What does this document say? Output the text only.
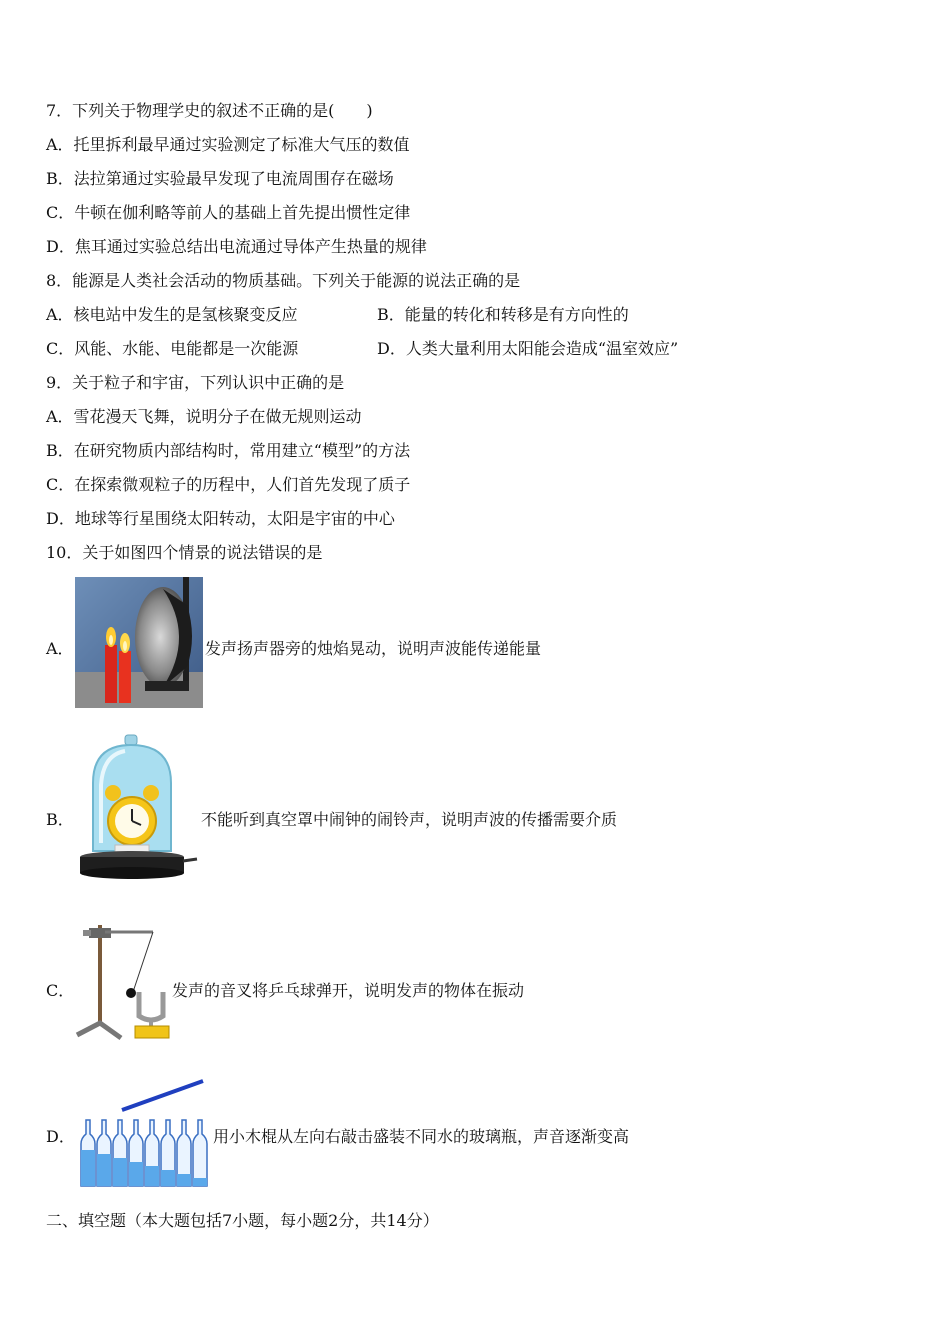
7．下列关于物理学史的叙述不正确的是(　　)
A．托里拆利最早通过实验测定了标准大气压的数值
B．法拉第通过实验最早发现了电流周围存在磁场
C．牛顿在伽利略等前人的基础上首先提出惯性定律
D．焦耳通过实验总结出电流通过导体产生热量的规律
8．能源是人类社会活动的物质基础。下列关于能源的说法正确的是
A．核电站中发生的是氢核聚变反应	B．能量的转化和转移是有方向性的
C．风能、水能、电能都是一次能源	D．人类大量利用太阳能会造成“温室效应”
9．关于粒子和宇宙，下列认识中正确的是
A．雪花漫天飞舞，说明分子在做无规则运动
B．在研究物质内部结构时，常用建立“模型”的方法
C．在探索微观粒子的历程中，人们首先发现了质子
D．地球等行星围绕太阳转动，太阳是宇宙的中心
10．关于如图四个情景的说法错误的是
A．	发声扬声器旁的烛焰晃动，说明声波能传递能量
B．	不能听到真空罩中闹钟的闹铃声，说明声波的传播需要介质
C．	发声的音叉将乒乓球弹开，说明发声的物体在振动
D．	用小木棍从左向右敲击盛装不同水的玻璃瓶，声音逐渐变高
二、填空题（本大题包括7小题，每小题2分，共14分）
